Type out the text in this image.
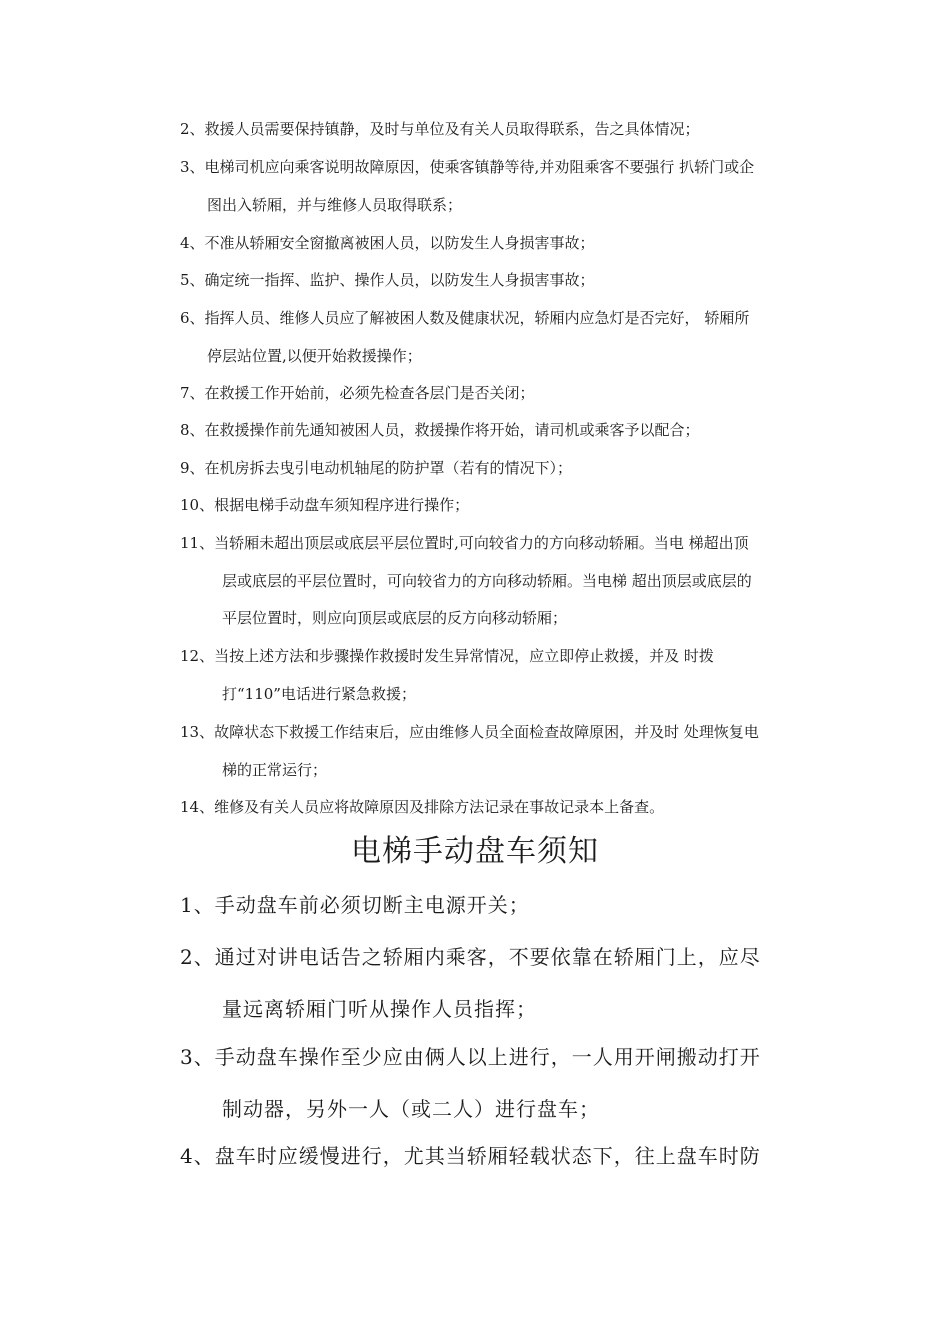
2、救援人员需要保持镇静，及时与单位及有关人员取得联系，告之具体情况；
3、电梯司机应向乘客说明故障原因，使乘客镇静等待,并劝阻乘客不要强行 扒轿门或企
图出入轿厢，并与维修人员取得联系；
4、不准从轿厢安全窗撤离被困人员，以防发生人身损害事故；
5、确定统一指挥、监护、操作人员，以防发生人身损害事故；
6、指挥人员、维修人员应了解被困人数及健康状况，轿厢内应急灯是否完好， 轿厢所
停层站位置,以便开始救援操作；
7、在救援工作开始前，必须先检查各层门是否关闭；
8、在救援操作前先通知被困人员，救援操作将开始，请司机或乘客予以配合；
9、在机房拆去曳引电动机轴尾的防护罩（若有的情况下）；
10、根据电梯手动盘车须知程序进行操作；
11、当轿厢未超出顶层或底层平层位置时,可向较省力的方向移动轿厢。当电 梯超出顶
层或底层的平层位置时，可向较省力的方向移动轿厢。当电梯 超出顶层或底层的
平层位置时，则应向顶层或底层的反方向移动轿厢；
12、当按上述方法和步骤操作救援时发生异常情况，应立即停止救援，并及 时拨
打“110”电话进行紧急救援；
13、故障状态下救援工作结束后，应由维修人员全面检查故障原困，并及时 处理恢复电
梯的正常运行；
14、维修及有关人员应将故障原因及排除方法记录在事故记录本上备查。
电梯手动盘车须知
1、手动盘车前必须切断主电源开关；
2、通过对讲电话告之轿厢内乘客，不要依靠在轿厢门上，应尽
量远离轿厢门听从操作人员指挥；
3、手动盘车操作至少应由俩人以上进行，一人用开闸搬动打开
制动器，另外一人（或二人）进行盘车；
4、盘车时应缓慢进行，尤其当轿厢轻载状态下，往上盘车时防
